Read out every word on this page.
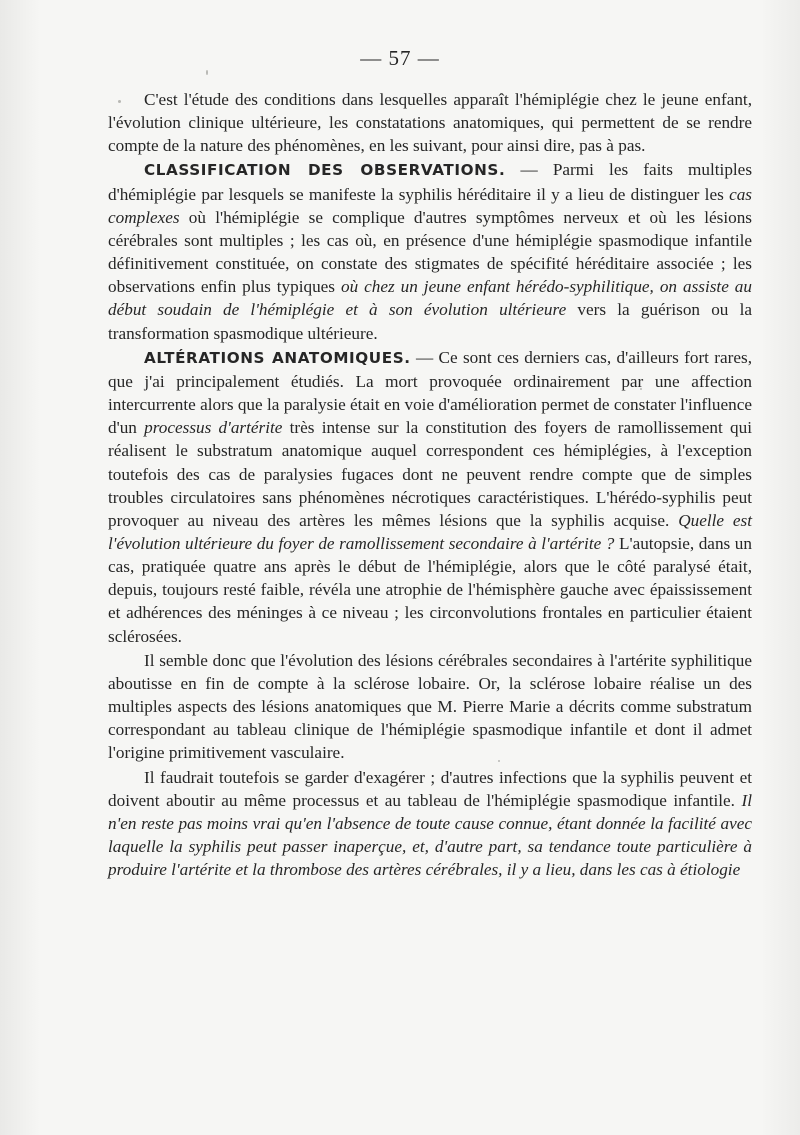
— 57 —

C'est l'étude des conditions dans lesquelles apparaît l'hémiplégie chez le jeune enfant, l'évolution clinique ultérieure, les constatations anatomiques, qui permettent de se rendre compte de la nature des phénomènes, en les suivant, pour ainsi dire, pas à pas.

CLASSIFICATION DES OBSERVATIONS. — Parmi les faits multiples d'hémiplégie par lesquels se manifeste la syphilis héréditaire il y a lieu de distinguer les cas complexes où l'hémiplégie se complique d'autres symptômes nerveux et où les lésions cérébrales sont multiples ; les cas où, en présence d'une hémiplégie spasmodique infantile définitivement constituée, on constate des stigmates de spécifité héréditaire associée ; les observations enfin plus typiques où chez un jeune enfant hérédo-syphilitique, on assiste au début soudain de l'hémiplégie et à son évolution ultérieure vers la guérison ou la transformation spasmodique ultérieure.

ALTÉRATIONS ANATOMIQUES. — Ce sont ces derniers cas, d'ailleurs fort rares, que j'ai principalement étudiés. La mort provoquée ordinairement par une affection intercurrente alors que la paralysie était en voie d'amélioration permet de constater l'influence d'un processus d'artérite très intense sur la constitution des foyers de ramollissement qui réalisent le substratum anatomique auquel correspondent ces hémiplégies, à l'exception toutefois des cas de paralysies fugaces dont ne peuvent rendre compte que de simples troubles circulatoires sans phénomènes nécrotiques caractéristiques. L'hérédo-syphilis peut provoquer au niveau des artères les mêmes lésions que la syphilis acquise. Quelle est l'évolution ultérieure du foyer de ramollissement secondaire à l'artérite ? L'autopsie, dans un cas, pratiquée quatre ans après le début de l'hémiplégie, alors que le côté paralysé était, depuis, toujours resté faible, révéla une atrophie de l'hémisphère gauche avec épaississement et adhérences des méninges à ce niveau ; les circonvolutions frontales en particulier étaient sclérosées.

Il semble donc que l'évolution des lésions cérébrales secondaires à l'artérite syphilitique aboutisse en fin de compte à la sclérose lobaire. Or, la sclérose lobaire réalise un des multiples aspects des lésions anatomiques que M. Pierre Marie a décrits comme substratum correspondant au tableau clinique de l'hémiplégie spasmodique infantile et dont il admet l'origine primitivement vasculaire.

Il faudrait toutefois se garder d'exagérer ; d'autres infections que la syphilis peuvent et doivent aboutir au même processus et au tableau de l'hémiplégie spasmodique infantile. Il n'en reste pas moins vrai qu'en l'absence de toute cause connue, étant donnée la facilité avec laquelle la syphilis peut passer inaperçue, et, d'autre part, sa tendance toute particulière à produire l'artérite et la thrombose des artères cérébrales, il y a lieu, dans les cas à étiologie
